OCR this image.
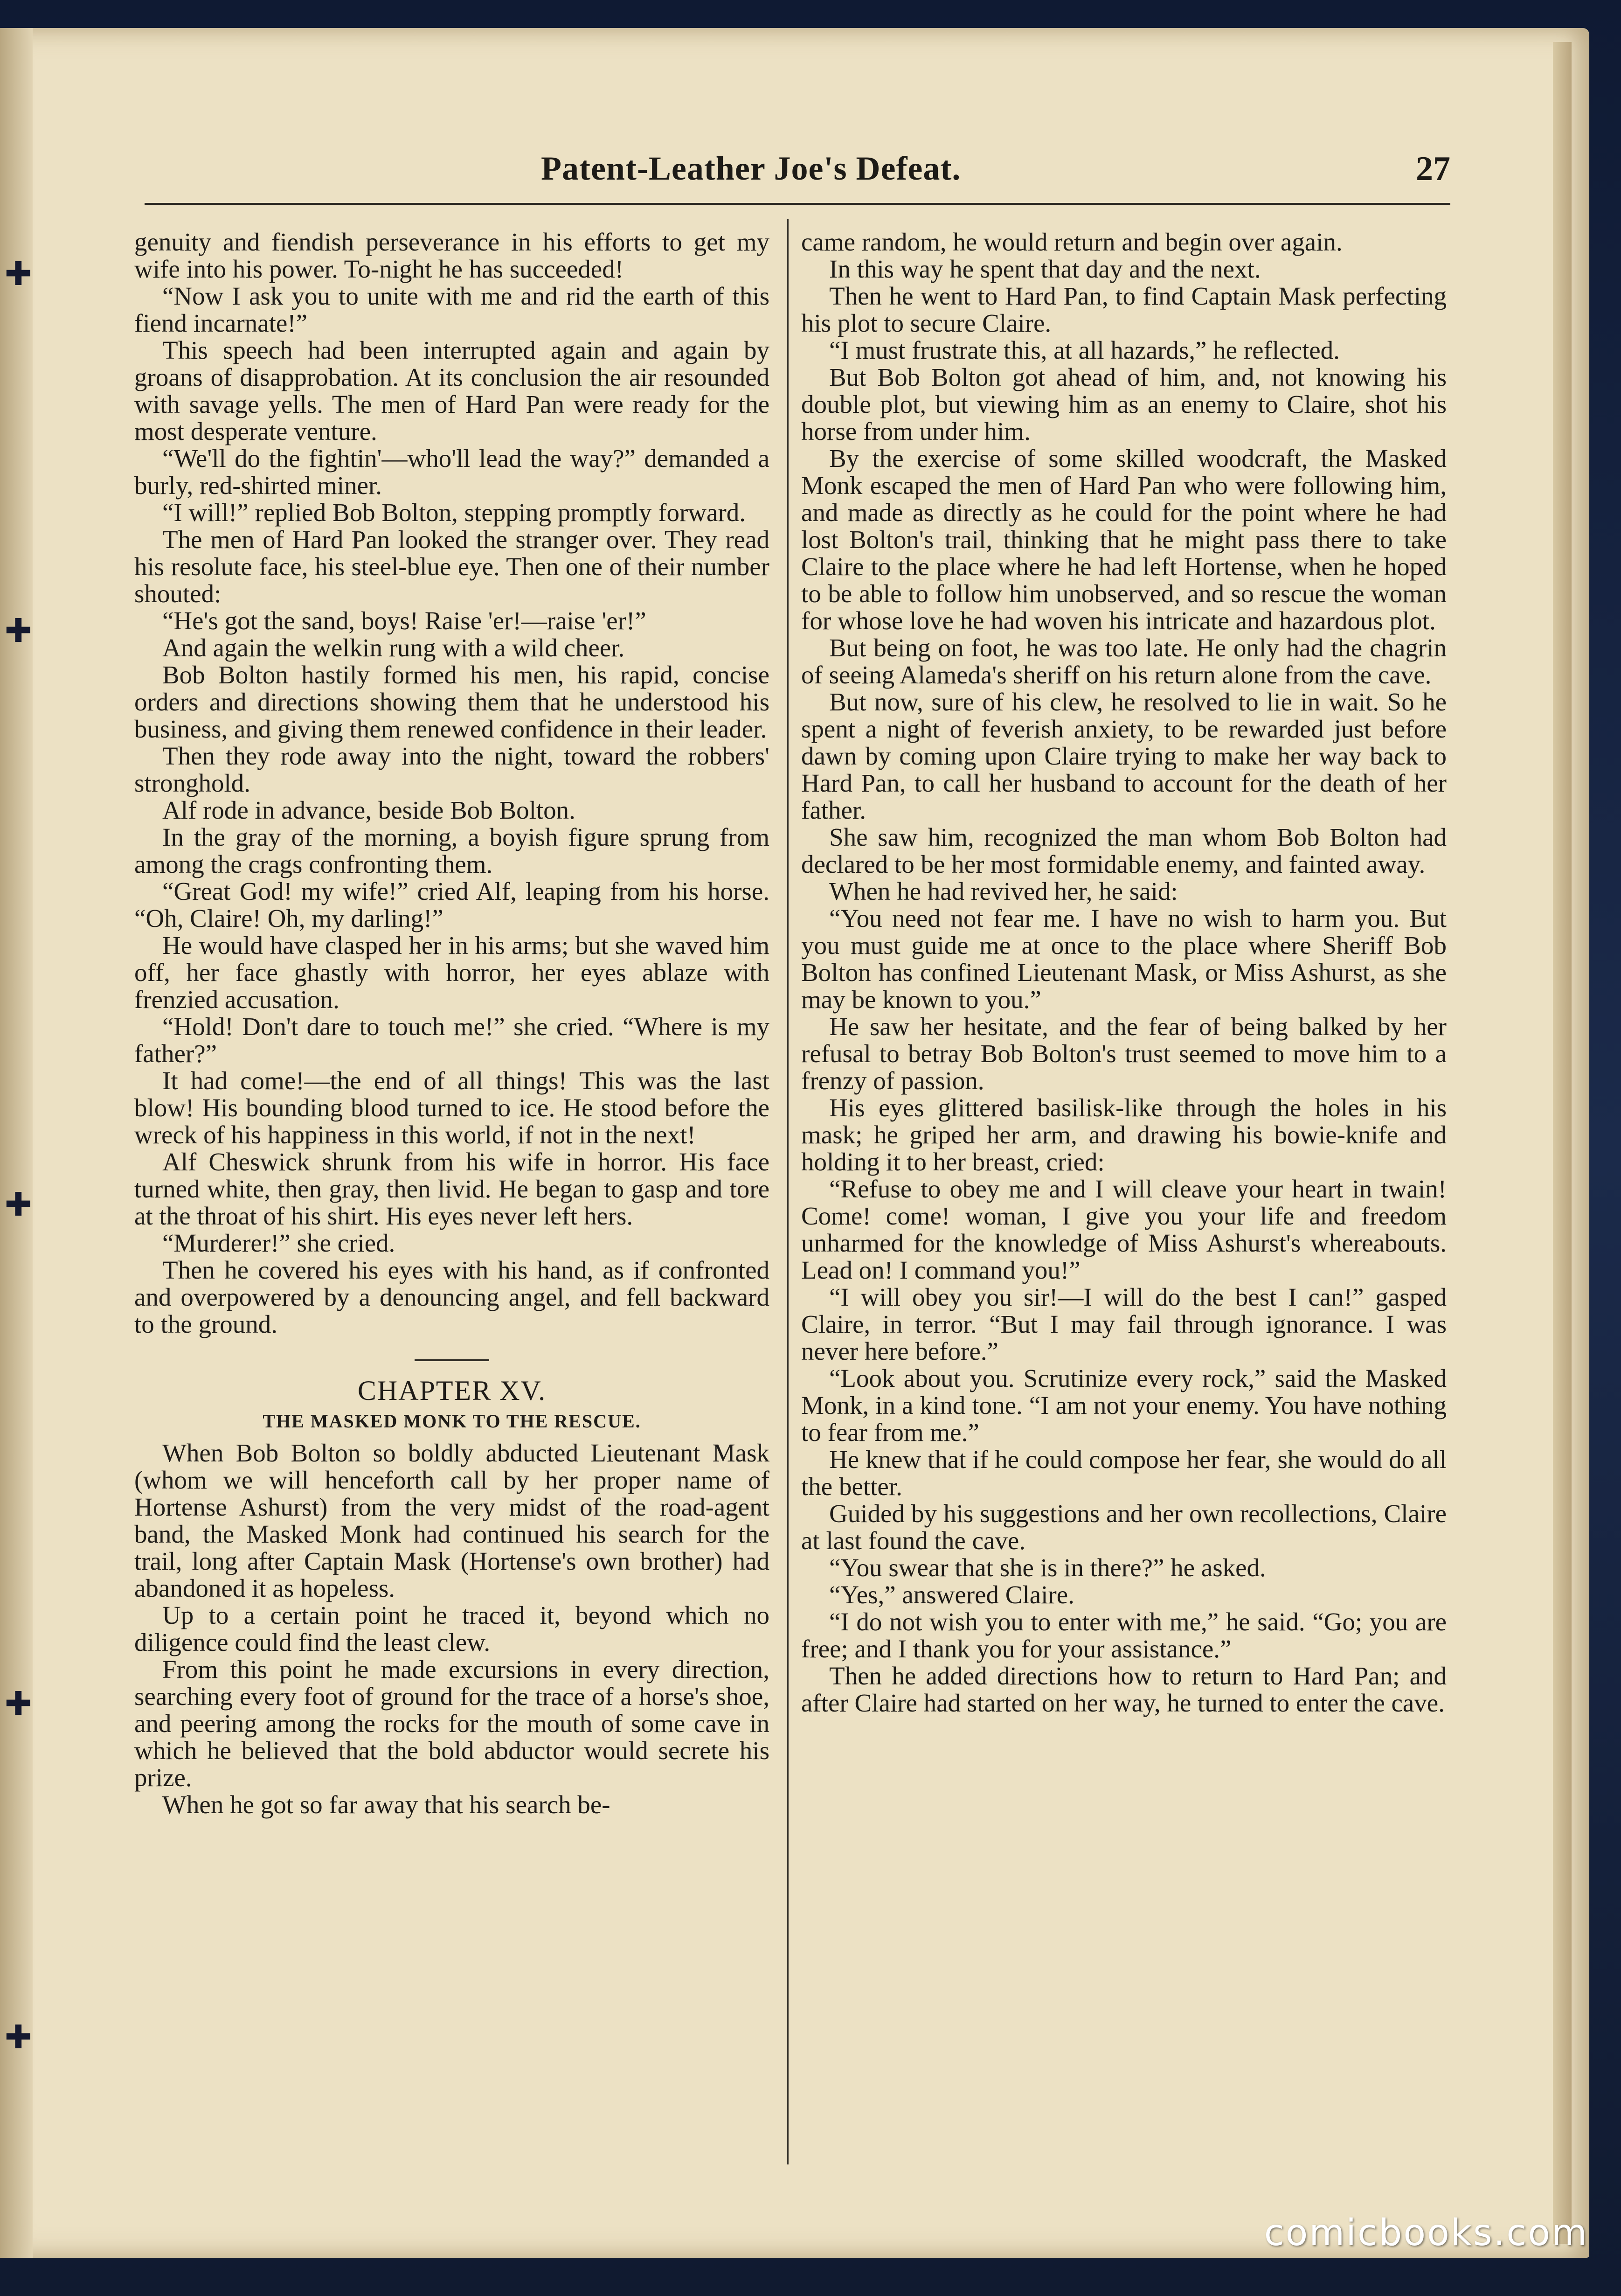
✚
✚
✚
✚
✚
Patent-Leather Joe's Defeat.	27

genuity and fiendish perseverance in his efforts to get my wife into his power. To-night he has succeeded!

“Now I ask you to unite with me and rid the earth of this fiend incarnate!”

This speech had been interrupted again and again by groans of disapprobation. At its conclusion the air resounded with savage yells. The men of Hard Pan were ready for the most desperate venture.

“We'll do the fightin'—who'll lead the way?” demanded a burly, red-shirted miner.

“I will!” replied Bob Bolton, stepping promptly forward.

The men of Hard Pan looked the stranger over. They read his resolute face, his steel-blue eye. Then one of their number shouted:

“He's got the sand, boys! Raise 'er!—raise 'er!”

And again the welkin rung with a wild cheer.

Bob Bolton hastily formed his men, his rapid, concise orders and directions showing them that he understood his business, and giving them renewed confidence in their leader.

Then they rode away into the night, toward the robbers' stronghold.

Alf rode in advance, beside Bob Bolton.

In the gray of the morning, a boyish figure sprung from among the crags confronting them.

“Great God! my wife!” cried Alf, leaping from his horse. “Oh, Claire! Oh, my darling!”

He would have clasped her in his arms; but she waved him off, her face ghastly with horror, her eyes ablaze with frenzied accusation.

“Hold! Don't dare to touch me!” she cried. “Where is my father?”

It had come!—the end of all things! This was the last blow! His bounding blood turned to ice. He stood before the wreck of his happiness in this world, if not in the next!

Alf Cheswick shrunk from his wife in horror. His face turned white, then gray, then livid. He began to gasp and tore at the throat of his shirt. His eyes never left hers.

“Murderer!” she cried.

Then he covered his eyes with his hand, as if confronted and overpowered by a denouncing angel, and fell backward to the ground.

CHAPTER XV.
THE MASKED MONK TO THE RESCUE.

When Bob Bolton so boldly abducted Lieutenant Mask (whom we will henceforth call by her proper name of Hortense Ashurst) from the very midst of the road-agent band, the Masked Monk had continued his search for the trail, long after Captain Mask (Hortense's own brother) had abandoned it as hopeless.

Up to a certain point he traced it, beyond which no diligence could find the least clew.

From this point he made excursions in every direction, searching every foot of ground for the trace of a horse's shoe, and peering among the rocks for the mouth of some cave in which he believed that the bold abductor would secrete his prize.

When he got so far away that his search be-

came random, he would return and begin over again.

In this way he spent that day and the next.

Then he went to Hard Pan, to find Captain Mask perfecting his plot to secure Claire.

“I must frustrate this, at all hazards,” he reflected.

But Bob Bolton got ahead of him, and, not knowing his double plot, but viewing him as an enemy to Claire, shot his horse from under him.

By the exercise of some skilled woodcraft, the Masked Monk escaped the men of Hard Pan who were following him, and made as directly as he could for the point where he had lost Bolton's trail, thinking that he might pass there to take Claire to the place where he had left Hortense, when he hoped to be able to follow him unobserved, and so rescue the woman for whose love he had woven his intricate and hazardous plot.

But being on foot, he was too late. He only had the chagrin of seeing Alameda's sheriff on his return alone from the cave.

But now, sure of his clew, he resolved to lie in wait. So he spent a night of feverish anxiety, to be rewarded just before dawn by coming upon Claire trying to make her way back to Hard Pan, to call her husband to account for the death of her father.

She saw him, recognized the man whom Bob Bolton had declared to be her most formidable enemy, and fainted away.

When he had revived her, he said:

“You need not fear me. I have no wish to harm you. But you must guide me at once to the place where Sheriff Bob Bolton has confined Lieutenant Mask, or Miss Ashurst, as she may be known to you.”

He saw her hesitate, and the fear of being balked by her refusal to betray Bob Bolton's trust seemed to move him to a frenzy of passion.

His eyes glittered basilisk-like through the holes in his mask; he griped her arm, and drawing his bowie-knife and holding it to her breast, cried:

“Refuse to obey me and I will cleave your heart in twain! Come! come! woman, I give you your life and freedom unharmed for the knowledge of Miss Ashurst's whereabouts. Lead on! I command you!”

“I will obey you sir!—I will do the best I can!” gasped Claire, in terror. “But I may fail through ignorance. I was never here before.”

“Look about you. Scrutinize every rock,” said the Masked Monk, in a kind tone. “I am not your enemy. You have nothing to fear from me.”

He knew that if he could compose her fear, she would do all the better.

Guided by his suggestions and her own recollections, Claire at last found the cave.

“You swear that she is in there?” he asked.

“Yes,” answered Claire.

“I do not wish you to enter with me,” he said. “Go; you are free; and I thank you for your assistance.”

Then he added directions how to return to Hard Pan; and after Claire had started on her way, he turned to enter the cave.

comicbooks.com
